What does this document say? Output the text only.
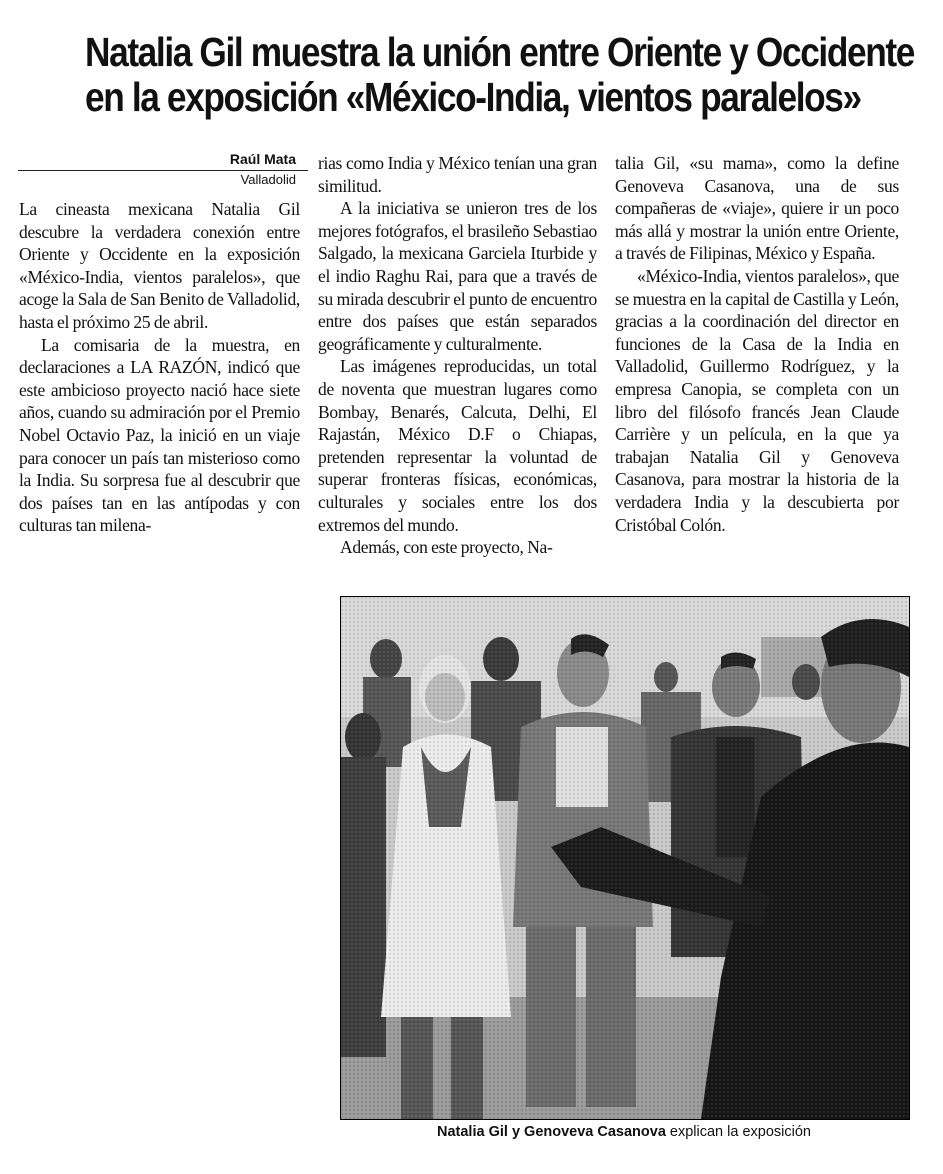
Natalia Gil muestra la unión entre Oriente y Occidente
en la exposición «México-India, vientos paralelos»
Raúl Mata
Valladolid

La cineasta mexicana Natalia Gil descubre la verdadera conexión entre Oriente y Occidente en la exposición «México-India, vientos paralelos», que acoge la Sala de San Benito de Valladolid, hasta el próximo 25 de abril.

La comisaria de la muestra, en declaraciones a LA RAZÓN, indicó que este ambicioso proyecto nació hace siete años, cuando su admiración por el Premio Nobel Octavio Paz, la inició en un viaje para conocer un país tan misterioso como la India. Su sorpresa fue al descubrir que dos países tan en las antípodas y con culturas tan milena-

rias como India y México tenían una gran similitud.

A la iniciativa se unieron tres de los mejores fotógrafos, el brasileño Sebastiao Salgado, la mexicana Garciela Iturbide y el indio Raghu Rai, para que a través de su mirada descubrir el punto de encuentro entre dos países que están separados geográficamente y culturalmente.

Las imágenes reproducidas, un total de noventa que muestran lugares como Bombay, Benarés, Calcuta, Delhi, El Rajastán, México D.F o Chiapas, pretenden representar la voluntad de superar fronteras físicas, económicas, culturales y sociales entre los dos extremos del mundo.

Además, con este proyecto, Na-

talia Gil, «su mama», como la define Genoveva Casanova, una de sus compañeras de «viaje», quiere ir un poco más allá y mostrar la unión entre Oriente, a través de Filipinas, México y España.

«México-India, vientos paralelos», que se muestra en la capital de Castilla y León, gracias a la coordinación del director en funciones de la Casa de la India en Valladolid, Guillermo Rodríguez, y la empresa Canopia, se completa con un libro del filósofo francés Jean Claude Carrière y un película, en la que ya trabajan Natalia Gil y Genoveva Casanova, para mostrar la historia de la verdadera India y la descubierta por Cristóbal Colón.

Natalia Gil y Genoveva Casanova explican la exposición
